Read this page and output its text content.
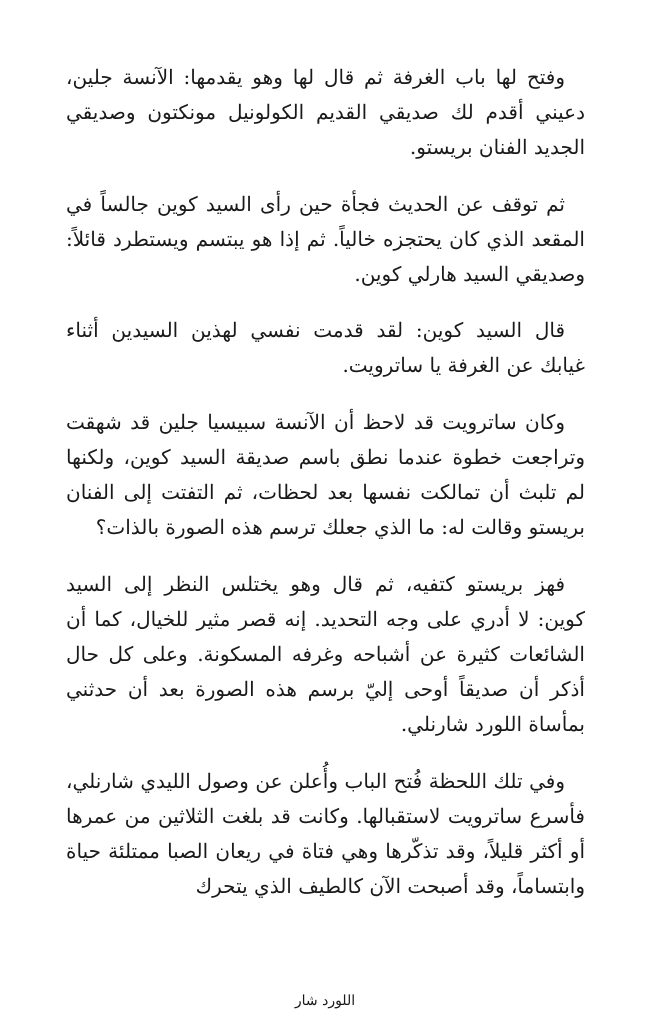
وفتح لها باب الغرفة ثم قال لها وهو يقدمها: الآنسة جلين، دعيني أقدم لك صديقي القديم الكولونيل مونكتون وصديقي الجديد الفنان بريستو.

ثم توقف عن الحديث فجأة حين رأى السيد كوين جالساً في المقعد الذي كان يحتجزه خالياً. ثم إذا هو يبتسم ويستطرد قائلاً: وصديقي السيد هارلي كوين.

قال السيد كوين: لقد قدمت نفسي لهذين السيدين أثناء غيابك عن الغرفة يا ساترويت.

وكان ساترويت قد لاحظ أن الآنسة سبيسيا جلين قد شهقت وتراجعت خطوة عندما نطق باسم صديقة السيد كوين، ولكنها لم تلبث أن تمالكت نفسها بعد لحظات، ثم التفتت إلى الفنان بريستو وقالت له: ما الذي جعلك ترسم هذه الصورة بالذات؟

فهز بريستو كتفيه، ثم قال وهو يختلس النظر إلى السيد كوين: لا أدري على وجه التحديد. إنه قصر مثير للخيال، كما أن الشائعات كثيرة عن أشباحه وغرفه المسكونة. وعلى كل حال أذكر أن صديقاً أوحى إليّ برسم هذه الصورة بعد أن حدثني بمأساة اللورد شارنلي.

وفي تلك اللحظة فُتح الباب وأُعلن عن وصول الليدي شارنلي، فأسرع ساترويت لاستقبالها. وكانت قد بلغت الثلاثين من عمرها أو أكثر قليلاً، وقد تذكّرها وهي فتاة في ريعان الصبا ممتلئة حياة وابتساماً، وقد أصبحت الآن كالطيف الذي يتحرك

اللورد شار
